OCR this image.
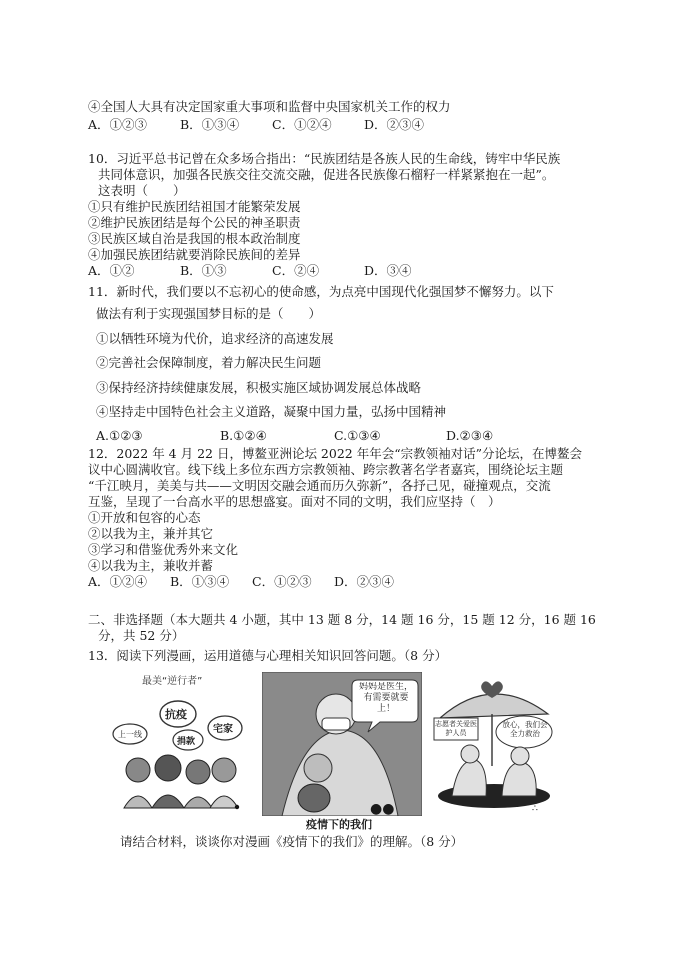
④全国人大具有决定国家重大事项和监督中央国家机关工作的权力
A．①②③	B．①③④	C．①②④	D．②③④
10．习近平总书记曾在众多场合指出：“民族团结是各族人民的生命线，铸牢中华民族
共同体意识，加强各民族交往交流交融，促进各民族像石榴籽一样紧紧抱在一起”。
这表明（　　）
①只有维护民族团结祖国才能繁荣发展
②维护民族团结是每个公民的神圣职责
③民族区域自治是我国的根本政治制度
④加强民族团结就要消除民族间的差异
A．①②	B．①③	C．②④	D．③④
11．新时代，我们要以不忘初心的使命感，为点亮中国现代化强国梦不懈努力。以下
做法有利于实现强国梦目标的是（　　）
①以牺牲环境为代价，追求经济的高速发展
②完善社会保障制度，着力解决民生问题
③保持经济持续健康发展，积极实施区域协调发展总体战略
④坚持走中国特色社会主义道路，凝聚中国力量，弘扬中国精神
A.①②③	B.①②④	C.①③④	D.②③④
12．2022 年 4 月 22 日，博鳌亚洲论坛 2022 年年会“宗教领袖对话”分论坛，在博鳌会
议中心圆满收官。线下线上多位东西方宗教领袖、跨宗教著名学者嘉宾，围绕论坛主题
“千江映月，美美与共——文明因交融会通而历久弥新”，各抒己见，碰撞观点，交流
互鉴，呈现了一台高水平的思想盛宴。面对不同的文明，我们应坚持（　）
①开放和包容的心态
②以我为主，兼并其它
③学习和借鉴优秀外来文化
④以我为主，兼收并蓄
A．①②④ B．①③④ C．①②③ D．②③④
二、非选择题（本大题共 4 小题，其中 13 题 8 分，14 题 16 分，15 题 12 分，16 题 16
分，共 52 分）
13．阅读下列漫画，运用道德与心理相关知识回答问题。（8 分）
最美“逆行者”
抗疫
上一线
捐款
宅家
妈妈是医生，有需要就要上！
●●
志愿者关爱医护人员
放心，我们会全力救治
∴
疫情下的我们
请结合材料，谈谈你对漫画《疫情下的我们》的理解。（8 分）
